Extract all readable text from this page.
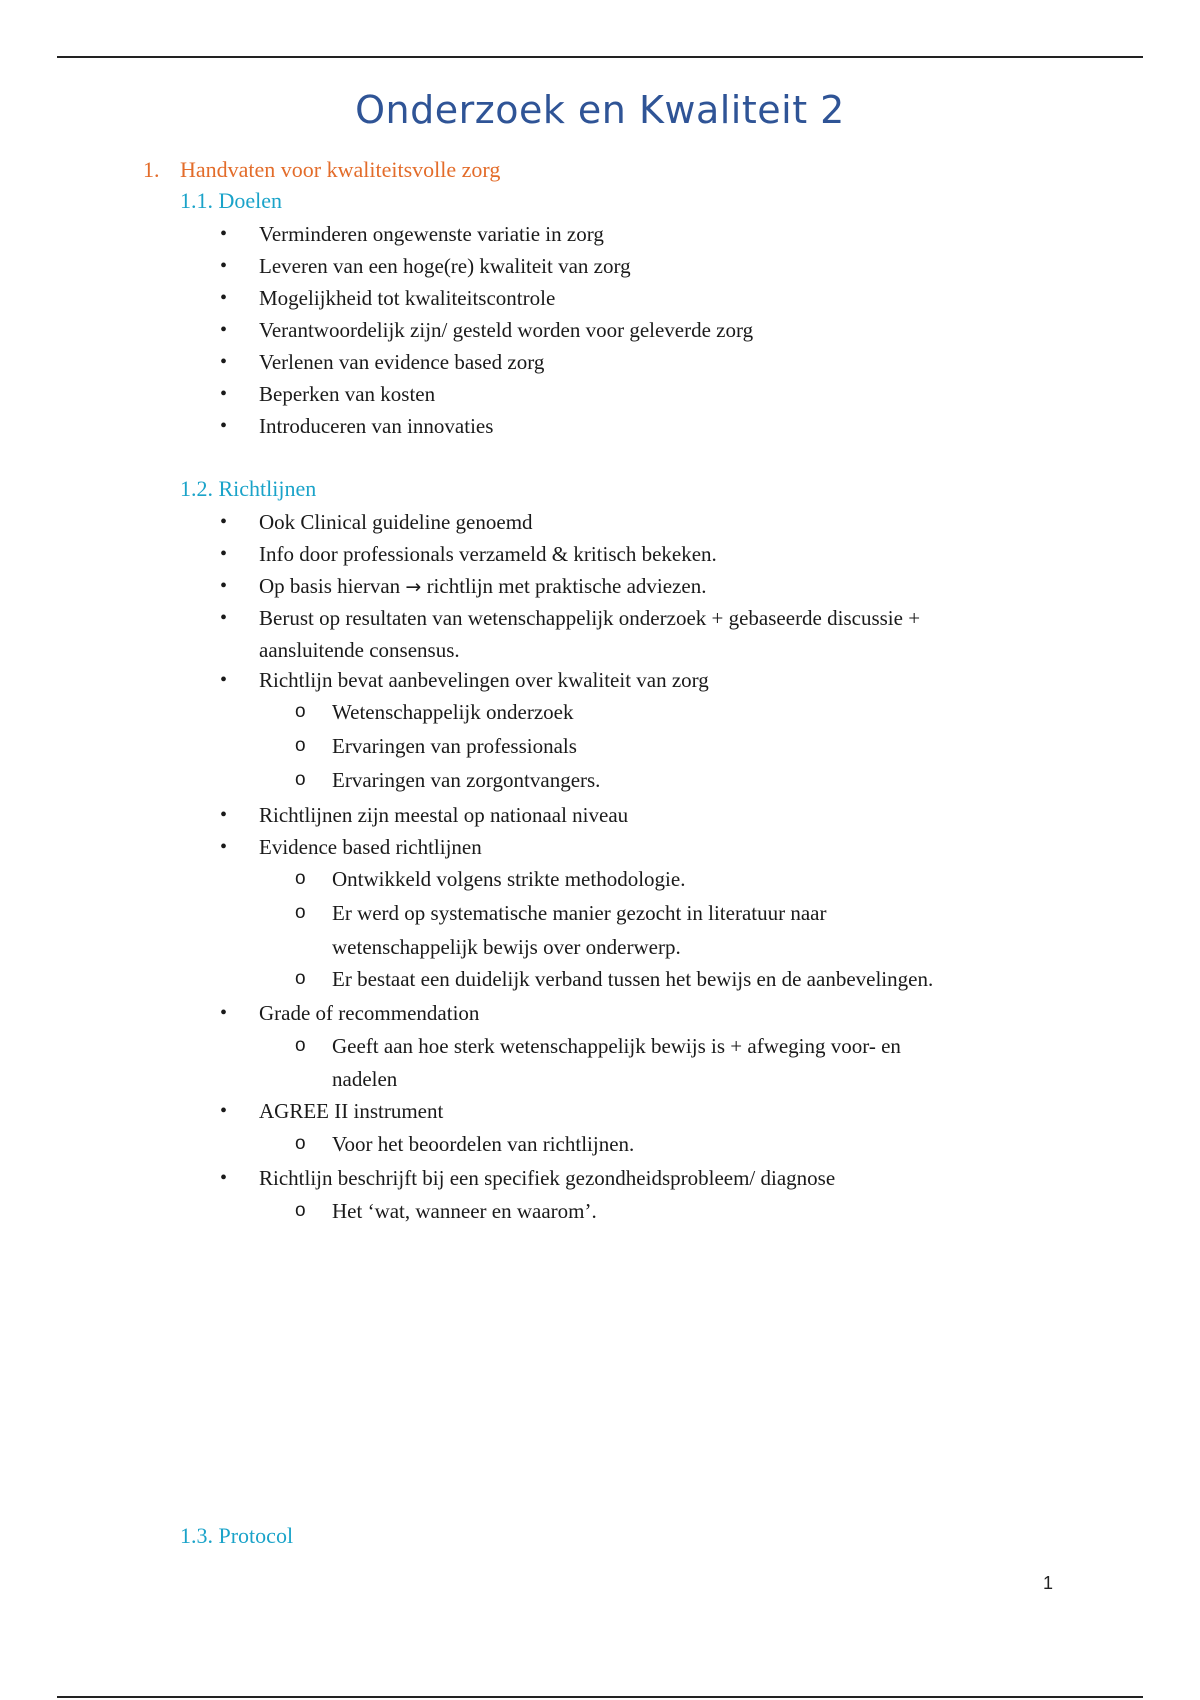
Onderzoek en Kwaliteit 2
1. Handvaten voor kwaliteitsvolle zorg
1.1. Doelen
• Verminderen ongewenste variatie in zorg
• Leveren van een hoge(re) kwaliteit van zorg
• Mogelijkheid tot kwaliteitscontrole
• Verantwoordelijk zijn/ gesteld worden voor geleverde zorg
• Verlenen van evidence based zorg
• Beperken van kosten
• Introduceren van innovaties
1.2. Richtlijnen
• Ook Clinical guideline genoemd
• Info door professionals verzameld & kritisch bekeken.
• Op basis hiervan → richtlijn met praktische adviezen.
• Berust op resultaten van wetenschappelijk onderzoek + gebaseerde discussie +
aansluitende consensus.
• Richtlijn bevat aanbevelingen over kwaliteit van zorg
o Wetenschappelijk onderzoek
o Ervaringen van professionals
o Ervaringen van zorgontvangers.
• Richtlijnen zijn meestal op nationaal niveau
• Evidence based richtlijnen
o Ontwikkeld volgens strikte methodologie.
o Er werd op systematische manier gezocht in literatuur naar
wetenschappelijk bewijs over onderwerp.
o Er bestaat een duidelijk verband tussen het bewijs en de aanbevelingen.
• Grade of recommendation
o Geeft aan hoe sterk wetenschappelijk bewijs is + afweging voor- en
nadelen
• AGREE II instrument
o Voor het beoordelen van richtlijnen.
• Richtlijn beschrijft bij een specifiek gezondheidsprobleem/ diagnose
o Het ‘wat, wanneer en waarom’.
1.3. Protocol
1
